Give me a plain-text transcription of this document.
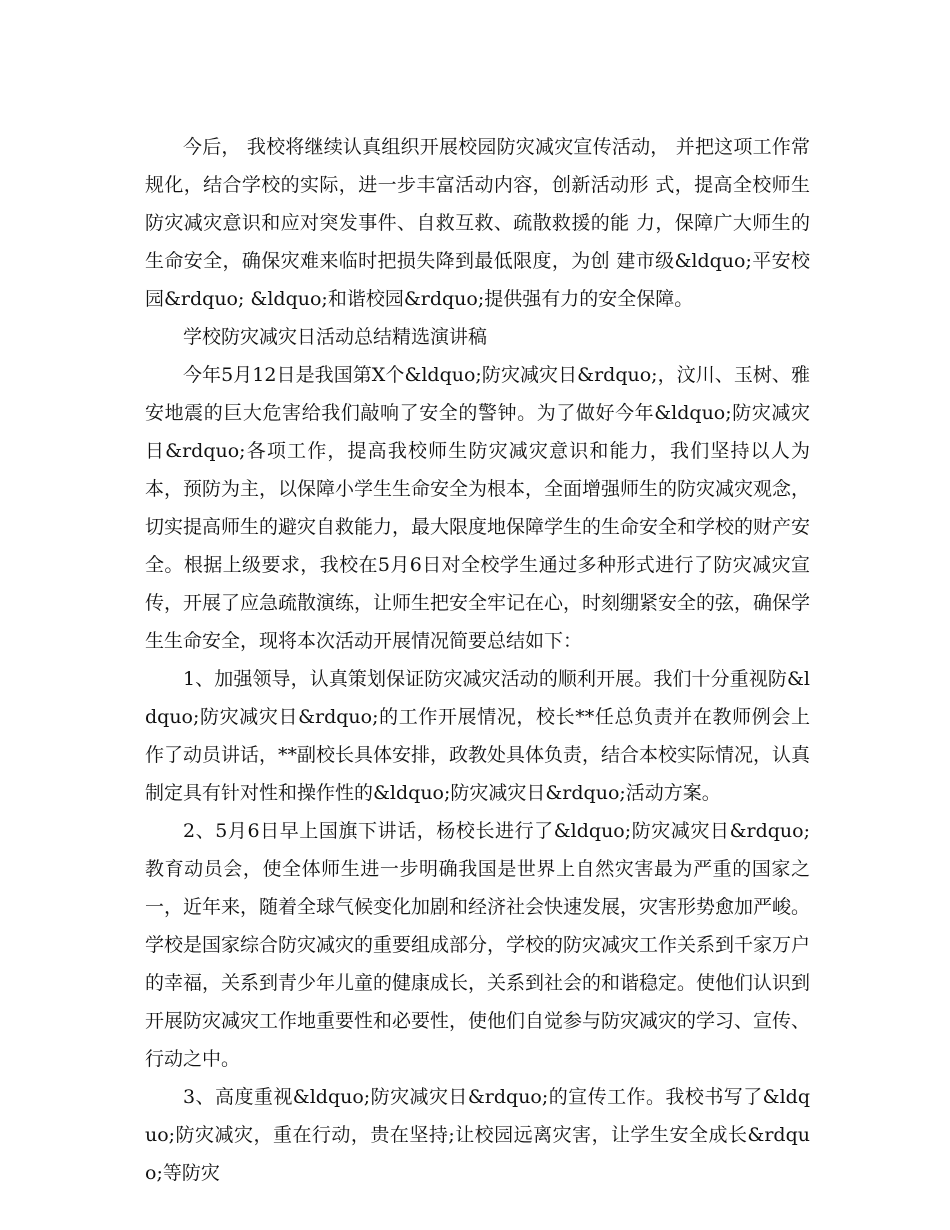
今后， 我校将继续认真组织开展校园防灾减灾宣传活动， 并把这项工作常规化，结合学校的实际，进一步丰富活动内容，创新活动形 式，提高全校师生防灾减灾意识和应对突发事件、自救互救、疏散救援的能 力，保障广大师生的生命安全，确保灾难来临时把损失降到最低限度，为创 建市级&ldquo;平安校园&rdquo; &ldquo;和谐校园&rdquo;提供强有力的安全保障。

学校防灾减灾日活动总结精选演讲稿

今年5月12日是我国第X个&ldquo;防灾减灾日&rdquo;，汶川、玉树、雅安地震的巨大危害给我们敲响了安全的警钟。为了做好今年&ldquo;防灾减灾日&rdquo;各项工作，提高我校师生防灾减灾意识和能力，我们坚持以人为本，预防为主，以保障小学生生命安全为根本，全面增强师生的防灾减灾观念，切实提高师生的避灾自救能力，最大限度地保障学生的生命安全和学校的财产安全。根据上级要求，我校在5月6日对全校学生通过多种形式进行了防灾减灾宣传，开展了应急疏散演练，让师生把安全牢记在心，时刻绷紧安全的弦，确保学生生命安全，现将本次活动开展情况简要总结如下：

1、加强领导，认真策划保证防灾减灾活动的顺利开展。我们十分重视防&ldquo;防灾减灾日&rdquo;的工作开展情况，校长**任总负责并在教师例会上作了动员讲话，**副校长具体安排，政教处具体负责，结合本校实际情况，认真制定具有针对性和操作性的&ldquo;防灾减灾日&rdquo;活动方案。

2、5月6日早上国旗下讲话，杨校长进行了&ldquo;防灾减灾日&rdquo;教育动员会，使全体师生进一步明确我国是世界上自然灾害最为严重的国家之一，近年来，随着全球气候变化加剧和经济社会快速发展，灾害形势愈加严峻。学校是国家综合防灾减灾的重要组成部分，学校的防灾减灾工作关系到千家万户的幸福，关系到青少年儿童的健康成长，关系到社会的和谐稳定。使他们认识到开展防灾减灾工作地重要性和必要性，使他们自觉参与防灾减灾的学习、宣传、行动之中。

3、高度重视&ldquo;防灾减灾日&rdquo;的宣传工作。我校书写了&ldquo;防灾减灾，重在行动，贵在坚持;让校园远离灾害，让学生安全成长&rdquo;等防灾
